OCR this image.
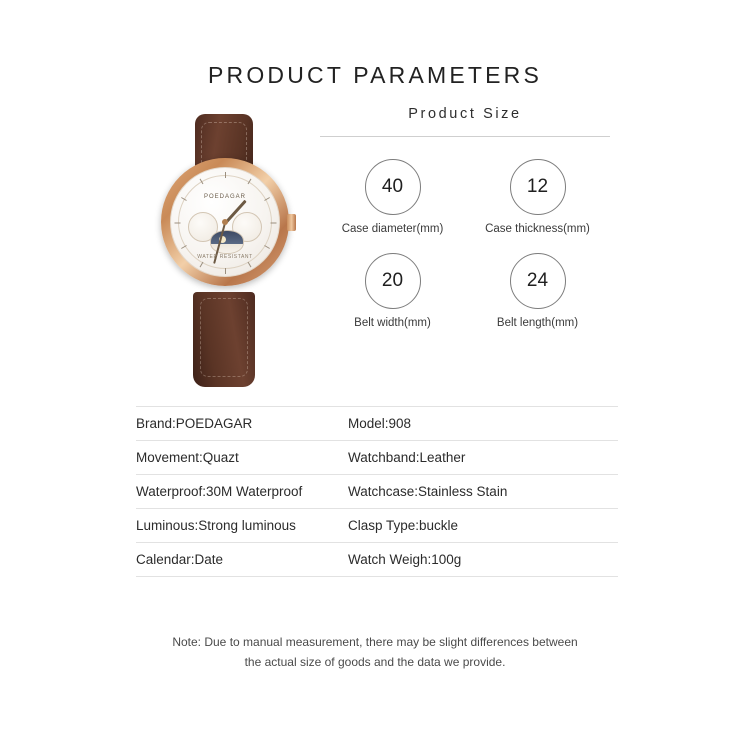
PRODUCT PARAMETERS
POEDAGAR
WATER RESISTANT
Product Size
40
Case diameter(mm)
12
Case thickness(mm)
20
Belt width(mm)
24
Belt length(mm)
Brand:POEDAGAR	Model:908
Movement:Quazt	Watchband:Leather
Waterproof:30M Waterproof	Watchcase:Stainless Stain
Luminous:Strong luminous	Clasp Type:buckle
Calendar:Date	Watch Weigh:100g
Note: Due to manual measurement, there may be slight differences between
the actual size of goods and the data we provide.
